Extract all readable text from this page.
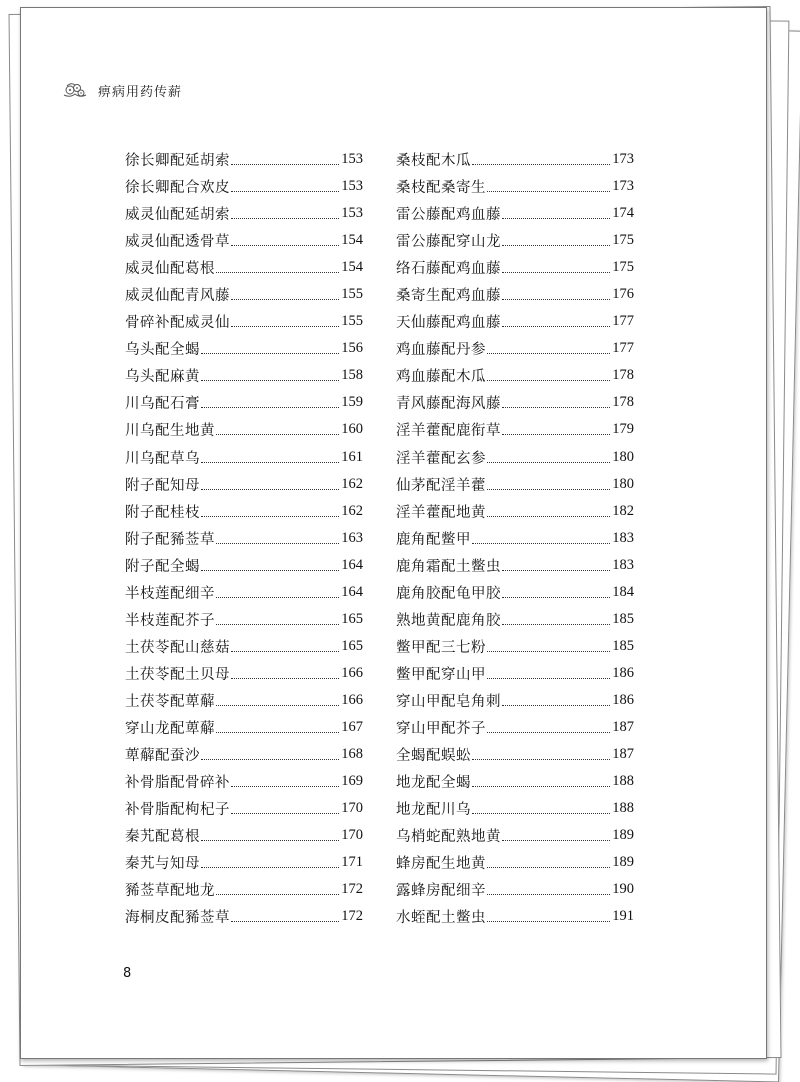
痹病用药传薪
徐长卿配延胡索	153
徐长卿配合欢皮	153
威灵仙配延胡索	153
威灵仙配透骨草	154
威灵仙配葛根	154
威灵仙配青风藤	155
骨碎补配威灵仙	155
乌头配全蝎	156
乌头配麻黄	158
川乌配石膏	159
川乌配生地黄	160
川乌配草乌	161
附子配知母	162
附子配桂枝	162
附子配豨莶草	163
附子配全蝎	164
半枝莲配细辛	164
半枝莲配芥子	165
土茯苓配山慈菇	165
土茯苓配土贝母	166
土茯苓配萆薢	166
穿山龙配萆薢	167
萆薢配蚕沙	168
补骨脂配骨碎补	169
补骨脂配枸杞子	170
秦艽配葛根	170
秦艽与知母	171
豨莶草配地龙	172
海桐皮配豨莶草	172
桑枝配木瓜	173
桑枝配桑寄生	173
雷公藤配鸡血藤	174
雷公藤配穿山龙	175
络石藤配鸡血藤	175
桑寄生配鸡血藤	176
天仙藤配鸡血藤	177
鸡血藤配丹参	177
鸡血藤配木瓜	178
青风藤配海风藤	178
淫羊藿配鹿衔草	179
淫羊藿配玄参	180
仙茅配淫羊藿	180
淫羊藿配地黄	182
鹿角配鳖甲	183
鹿角霜配土鳖虫	183
鹿角胶配龟甲胶	184
熟地黄配鹿角胶	185
鳖甲配三七粉	185
鳖甲配穿山甲	186
穿山甲配皂角刺	186
穿山甲配芥子	187
全蝎配蜈蚣	187
地龙配全蝎	188
地龙配川乌	188
乌梢蛇配熟地黄	189
蜂房配生地黄	189
露蜂房配细辛	190
水蛭配土鳖虫	191
8
